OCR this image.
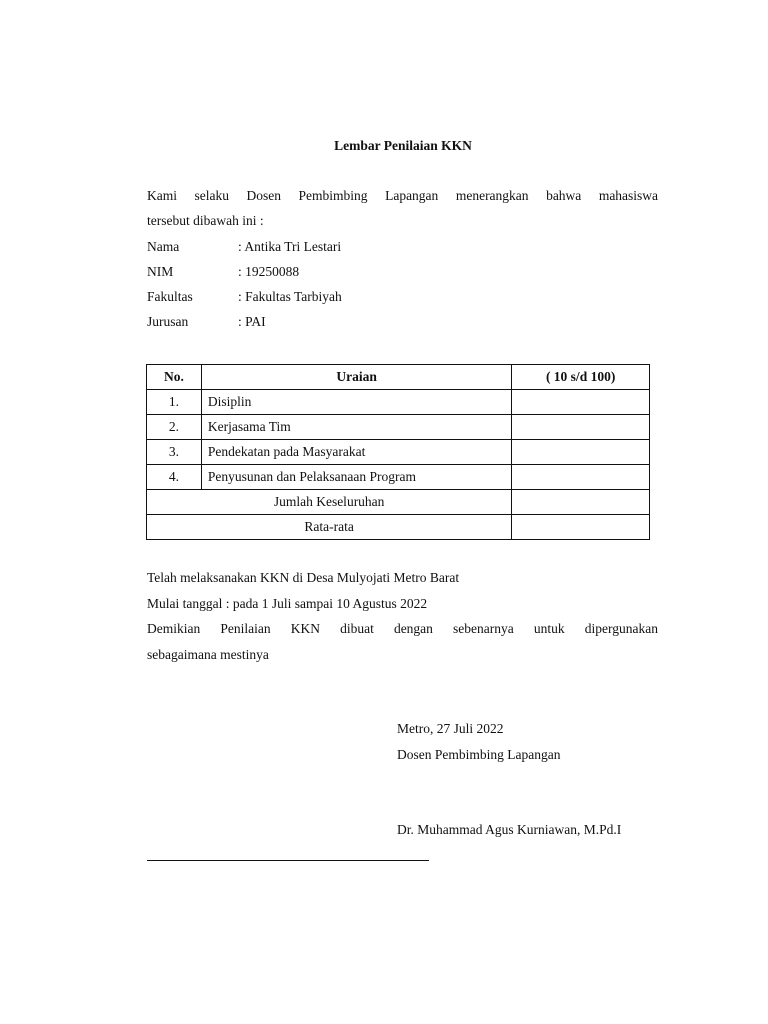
Lembar Penilaian KKN
Kami selaku Dosen Pembimbing Lapangan menerangkan bahwa mahasiswa
tersebut dibawah ini :
Nama	: Antika Tri Lestari
NIM	: 19250088
Fakultas	: Fakultas Tarbiyah
Jurusan	: PAI
No.	Uraian	( 10 s/d 100)
1.	Disiplin	
2.	Kerjasama Tim	
3.	Pendekatan pada Masyarakat	
4.	Penyusunan dan Pelaksanaan Program	
Jumlah Keseluruhan		
Rata-rata		
Telah melaksanakan KKN di Desa Mulyojati Metro Barat
Mulai tanggal : pada 1 Juli sampai 10 Agustus 2022
Demikian Penilaian KKN dibuat dengan sebenarnya untuk dipergunakan
sebagaimana mestinya
Metro, 27 Juli 2022
Dosen Pembimbing Lapangan
Dr. Muhammad Agus Kurniawan, M.Pd.I
